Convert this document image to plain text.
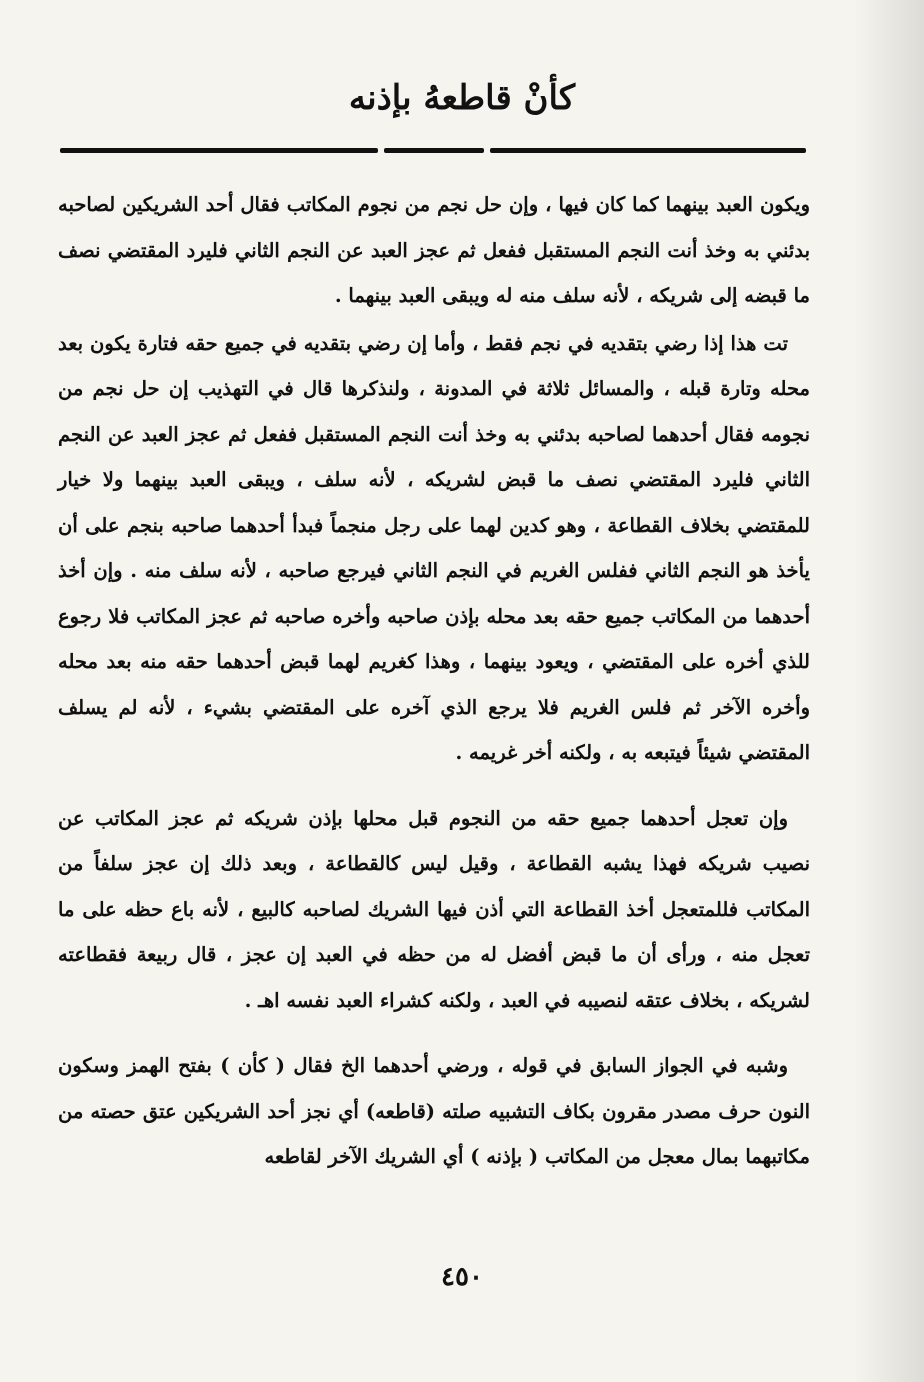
كأنْ قاطعهُ بإذنه

ويكون العبد بينهما كما كان فيها ، وإن حل نجم من نجوم المكاتب فقال أحد الشريكين لصاحبه بدئني به وخذ أنت النجم المستقبل ففعل ثم عجز العبد عن النجم الثاني فليرد المقتضي نصف ما قبضه إلى شريكه ، لأنه سلف منه له ويبقى العبد بينهما .

تت هذا إذا رضي بتقديه في نجم فقط ، وأما إن رضي بتقديه في جميع حقه فتارة يكون بعد محله وتارة قبله ، والمسائل ثلاثة في المدونة ، ولنذكرها قال في التهذيب إن حل نجم من نجومه فقال أحدهما لصاحبه بدئني به وخذ أنت النجم المستقبل ففعل ثم عجز العبد عن النجم الثاني فليرد المقتضي نصف ما قبض لشريكه ، لأنه سلف ، ويبقى العبد بينهما ولا خيار للمقتضي بخلاف القطاعة ، وهو كدين لهما على رجل منجماً فبدأ أحدهما صاحبه بنجم على أن يأخذ هو النجم الثاني ففلس الغريم في النجم الثاني فيرجع صاحبه ، لأنه سلف منه . وإن أخذ أحدهما من المكاتب جميع حقه بعد محله بإذن صاحبه وأخره صاحبه ثم عجز المكاتب فلا رجوع للذي أخره على المقتضي ، ويعود بينهما ، وهذا كغريم لهما قبض أحدهما حقه منه بعد محله وأخره الآخر ثم فلس الغريم فلا يرجع الذي آخره على المقتضي بشيء ، لأنه لم يسلف المقتضي شيئاً فيتبعه به ، ولكنه أخر غريمه .

وإن تعجل أحدهما جميع حقه من النجوم قبل محلها بإذن شريكه ثم عجز المكاتب عن نصيب شريكه فهذا يشبه القطاعة ، وقيل ليس كالقطاعة ، وبعد ذلك إن عجز سلفاً من المكاتب فللمتعجل أخذ القطاعة التي أذن فيها الشريك لصاحبه كالبيع ، لأنه باع حظه على ما تعجل منه ، ورأى أن ما قبض أفضل له من حظه في العبد إن عجز ، قال ربيعة فقطاعته لشريكه ، بخلاف عتقه لنصيبه في العبد ، ولكنه كشراء العبد نفسه اهـ .

وشبه في الجواز السابق في قوله ، ورضي أحدهما الخ فقال ( كأن ) بفتح الهمز وسكون النون حرف مصدر مقرون بكاف التشبيه صلته (قاطعه) أي نجز أحد الشريكين عتق حصته من مكاتبهما بمال معجل من المكاتب ( بإذنه ) أي الشريك الآخر لقاطعه

٤٥٠
